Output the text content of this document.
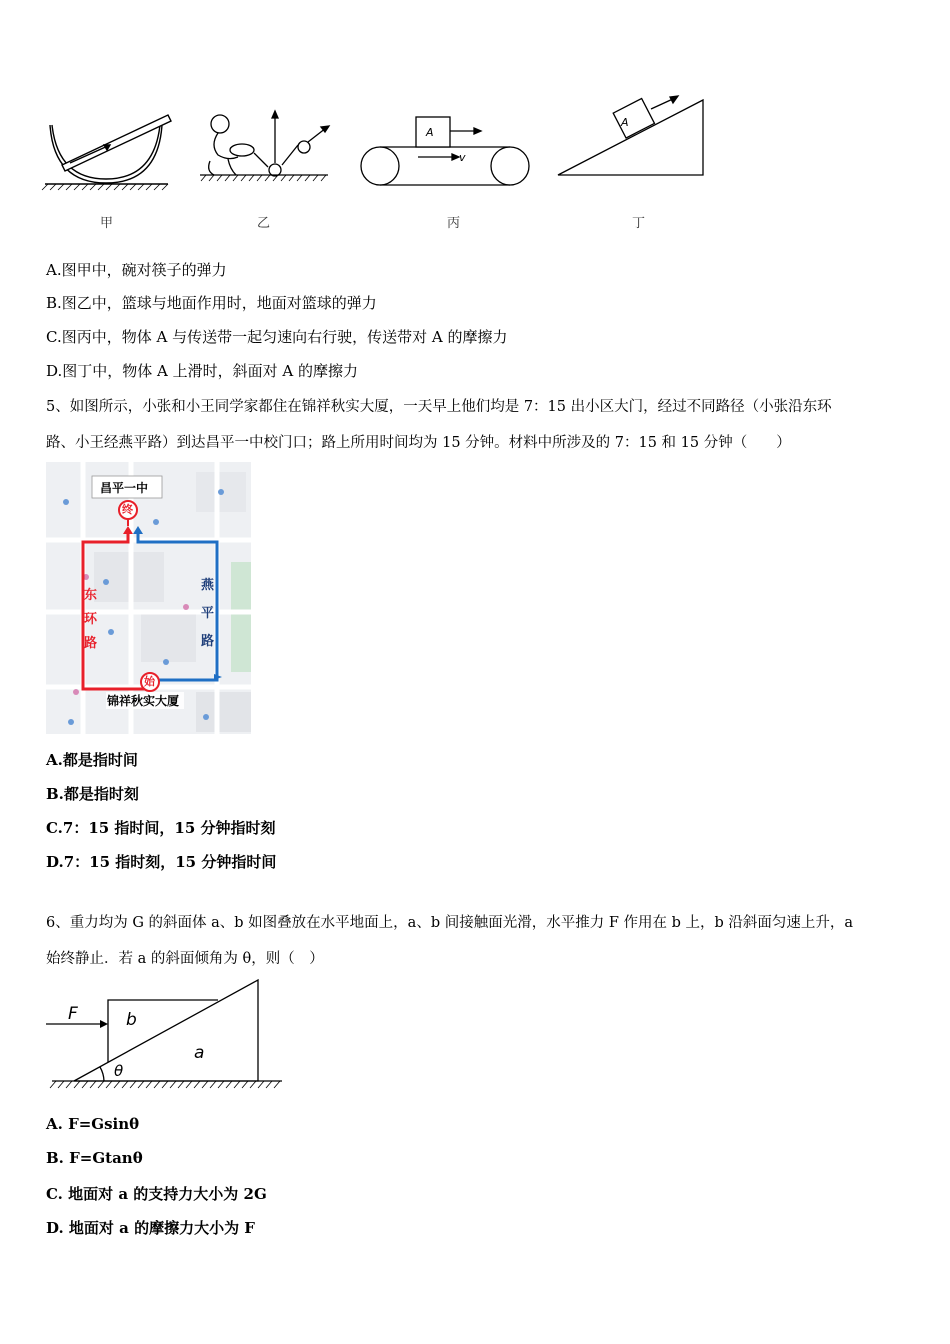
A
v
A
甲	乙	丙	丁
A.图甲中，碗对筷子的弹力
B.图乙中，篮球与地面作用时，地面对篮球的弹力
C.图丙中，物体 A 与传送带一起匀速向右行驶，传送带对 A 的摩擦力
D.图丁中，物体 A 上滑时，斜面对 A 的摩擦力
5、如图所示，小张和小王同学家都住在锦祥秋实大厦，一天早上他们均是 7：15 出小区大门，经过不同路径（小张沿东环
路、小王经燕平路）到达昌平一中校门口；路上所用时间均为 15 分钟。材料中所涉及的 7：15 和 15 分钟（　　）
昌平一中
终
始
锦祥秋实大厦
东
环
路
燕
平
路
A.都是指时间
B.都是指时刻
C.7：15 指时间，15 分钟指时刻
D.7：15 指时刻，15 分钟指时间
6、重力均为 G 的斜面体 a、b 如图叠放在水平地面上，a、b 间接触面光滑，水平推力 F 作用在 b 上，b 沿斜面匀速上升，a
始终静止．若 a 的斜面倾角为 θ，则（　）
F	b
a
θ
A. F=Gsinθ
B. F=Gtanθ
C. 地面对 a 的支持力大小为 2G
D. 地面对 a 的摩擦力大小为 F
